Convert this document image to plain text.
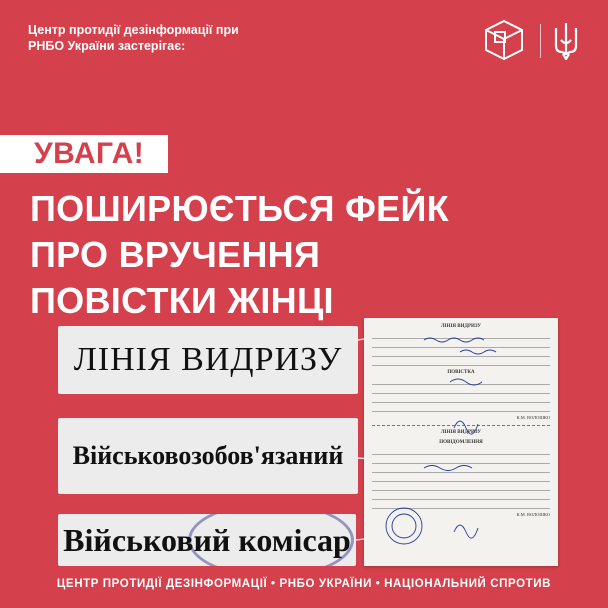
Центр протидії дезінформації при
РНБО України застерігає:
УВАГА!
ПОШИРЮЄТЬСЯ ФЕЙК
ПРО ВРУЧЕННЯ
ПОВІСТКИ ЖІНЦІ
ЛІНІЯ ВИДРИЗУ
Військовозобов'язаний
Військовий комісар
ЛІНІЯ ВИДРИЗУ
ПОВІСТКА
К.М. ВОЛОШКО
ЛІНІЯ ВИДРИЗУ
ПОВІДОМЛЕННЯ
К.М. ВОЛОШКО
ЦЕНТР ПРОТИДІЇ ДЕЗІНФОРМАЦІЇ • РНБО УКРАЇНИ • НАЦІОНАЛЬНИЙ СПРОТИВ
